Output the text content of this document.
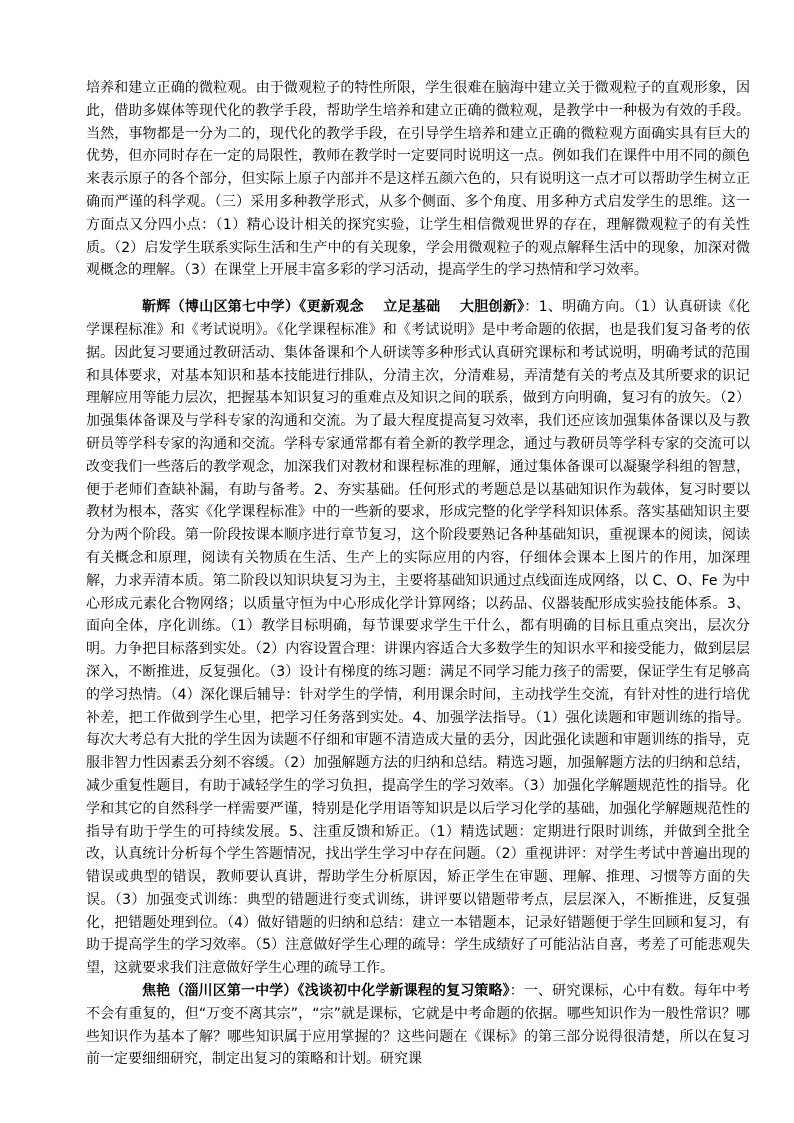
培养和建立正确的微粒观。由于微观粒子的特性所限，学生很难在脑海中建立关于微观粒子的直观形象，因此，借助多媒体等现代化的教学手段，帮助学生培养和建立正确的微粒观，是教学中一种极为有效的手段。当然，事物都是一分为二的，现代化的教学手段，在引导学生培养和建立正确的微粒观方面确实具有巨大的优势，但亦同时存在一定的局限性，教师在教学时一定要同时说明这一点。例如我们在课件中用不同的颜色来表示原子的各个部分，但实际上原子内部并不是这样五颜六色的，只有说明这一点才可以帮助学生树立正确而严谨的科学观。（三）采用多种教学形式，从多个侧面、多个角度、用多种方式启发学生的思维。这一方面点又分四小点：（1）精心设计相关的探究实验，让学生相信微观世界的存在，理解微观粒子的有关性质。（2）启发学生联系实际生活和生产中的有关现象，学会用微观粒子的观点解释生活中的现象，加深对微观概念的理解。（3）在课堂上开展丰富多彩的学习活动，提高学生的学习热情和学习效率。

靳辉（博山区第七中学）《更新观念　 立足基础　 大胆创新》：1、明确方向。（1）认真研读《化学课程标准》和《考试说明》。《化学课程标准》和《考试说明》是中考命题的依据，也是我们复习备考的依据。因此复习要通过教研活动、集体备课和个人研读等多种形式认真研究课标和考试说明，明确考试的范围和具体要求，对基本知识和基本技能进行排队，分清主次，分清难易，弄清楚有关的考点及其所要求的识记理解应用等能力层次，把握基本知识复习的重难点及知识之间的联系，做到方向明确，复习有的放矢。（2）加强集体备课及与学科专家的沟通和交流。为了最大程度提高复习效率，我们还应该加强集体备课以及与教研员等学科专家的沟通和交流。学科专家通常都有着全新的教学理念，通过与教研员等学科专家的交流可以改变我们一些落后的教学观念，加深我们对教材和课程标准的理解，通过集体备课可以凝聚学科组的智慧，便于老师们查缺补漏，有助与备考。2、夯实基础。任何形式的考题总是以基础知识作为载体，复习时要以教材为根本，落实《化学课程标准》中的一些新的要求，形成完整的化学学科知识体系。落实基础知识主要分为两个阶段。第一阶段按课本顺序进行章节复习，这个阶段要熟记各种基础知识，重视课本的阅读，阅读有关概念和原理，阅读有关物质在生活、生产上的实际应用的内容，仔细体会课本上图片的作用，加深理解，力求弄清本质。第二阶段以知识块复习为主，主要将基础知识通过点线面连成网络，以 C、O、Fe 为中心形成元素化合物网络；以质量守恒为中心形成化学计算网络；以药品、仪器装配形成实验技能体系。3、面向全体，序化训练。（1）教学目标明确，每节课要求学生干什么，都有明确的目标且重点突出，层次分明。力争把目标落到实处。（2）内容设置合理：讲课内容适合大多数学生的知识水平和接受能力，做到层层深入，不断推进，反复强化。（3）设计有梯度的练习题：满足不同学习能力孩子的需要，保证学生有足够高的学习热情。（4）深化课后辅导：针对学生的学情，利用课余时间，主动找学生交流，有针对性的进行培优补差，把工作做到学生心里，把学习任务落到实处。4、加强学法指导。（1）强化读题和审题训练的指导。每次大考总有大批的学生因为读题不仔细和审题不清造成大量的丢分，因此强化读题和审题训练的指导，克服非智力性因素丢分刻不容缓。（2）加强解题方法的归纳和总结。精选习题，加强解题方法的归纳和总结，减少重复性题目，有助于减轻学生的学习负担，提高学生的学习效率。（3）加强化学解题规范性的指导。化学和其它的自然科学一样需要严谨，特别是化学用语等知识是以后学习化学的基础，加强化学解题规范性的指导有助于学生的可持续发展。5、注重反馈和矫正。（1）精选试题：定期进行限时训练，并做到全批全改，认真统计分析每个学生答题情况，找出学生学习中存在问题。（2）重视讲评：对学生考试中普遍出现的错误或典型的错误，教师要认真讲，帮助学生分析原因，矫正学生在审题、理解、推理、习惯等方面的失误。（3）加强变式训练：典型的错题进行变式训练，讲评要以错题带考点，层层深入，不断推进，反复强化，把错题处理到位。（4）做好错题的归纳和总结：建立一本错题本，记录好错题便于学生回顾和复习，有助于提高学生的学习效率。（5）注意做好学生心理的疏导：学生成绩好了可能沾沾自喜，考差了可能悲观失望，这就要求我们注意做好学生心理的疏导工作。

焦艳（淄川区第一中学）《浅谈初中化学新课程的复习策略》：一、研究课标，心中有数。每年中考不会有重复的，但“万变不离其宗”，“宗”就是课标，它就是中考命题的依据。哪些知识作为一般性常识？哪些知识作为基本了解？哪些知识属于应用掌握的？这些问题在《课标》的第三部分说得很清楚，所以在复习前一定要细细研究，制定出复习的策略和计划。研究课
